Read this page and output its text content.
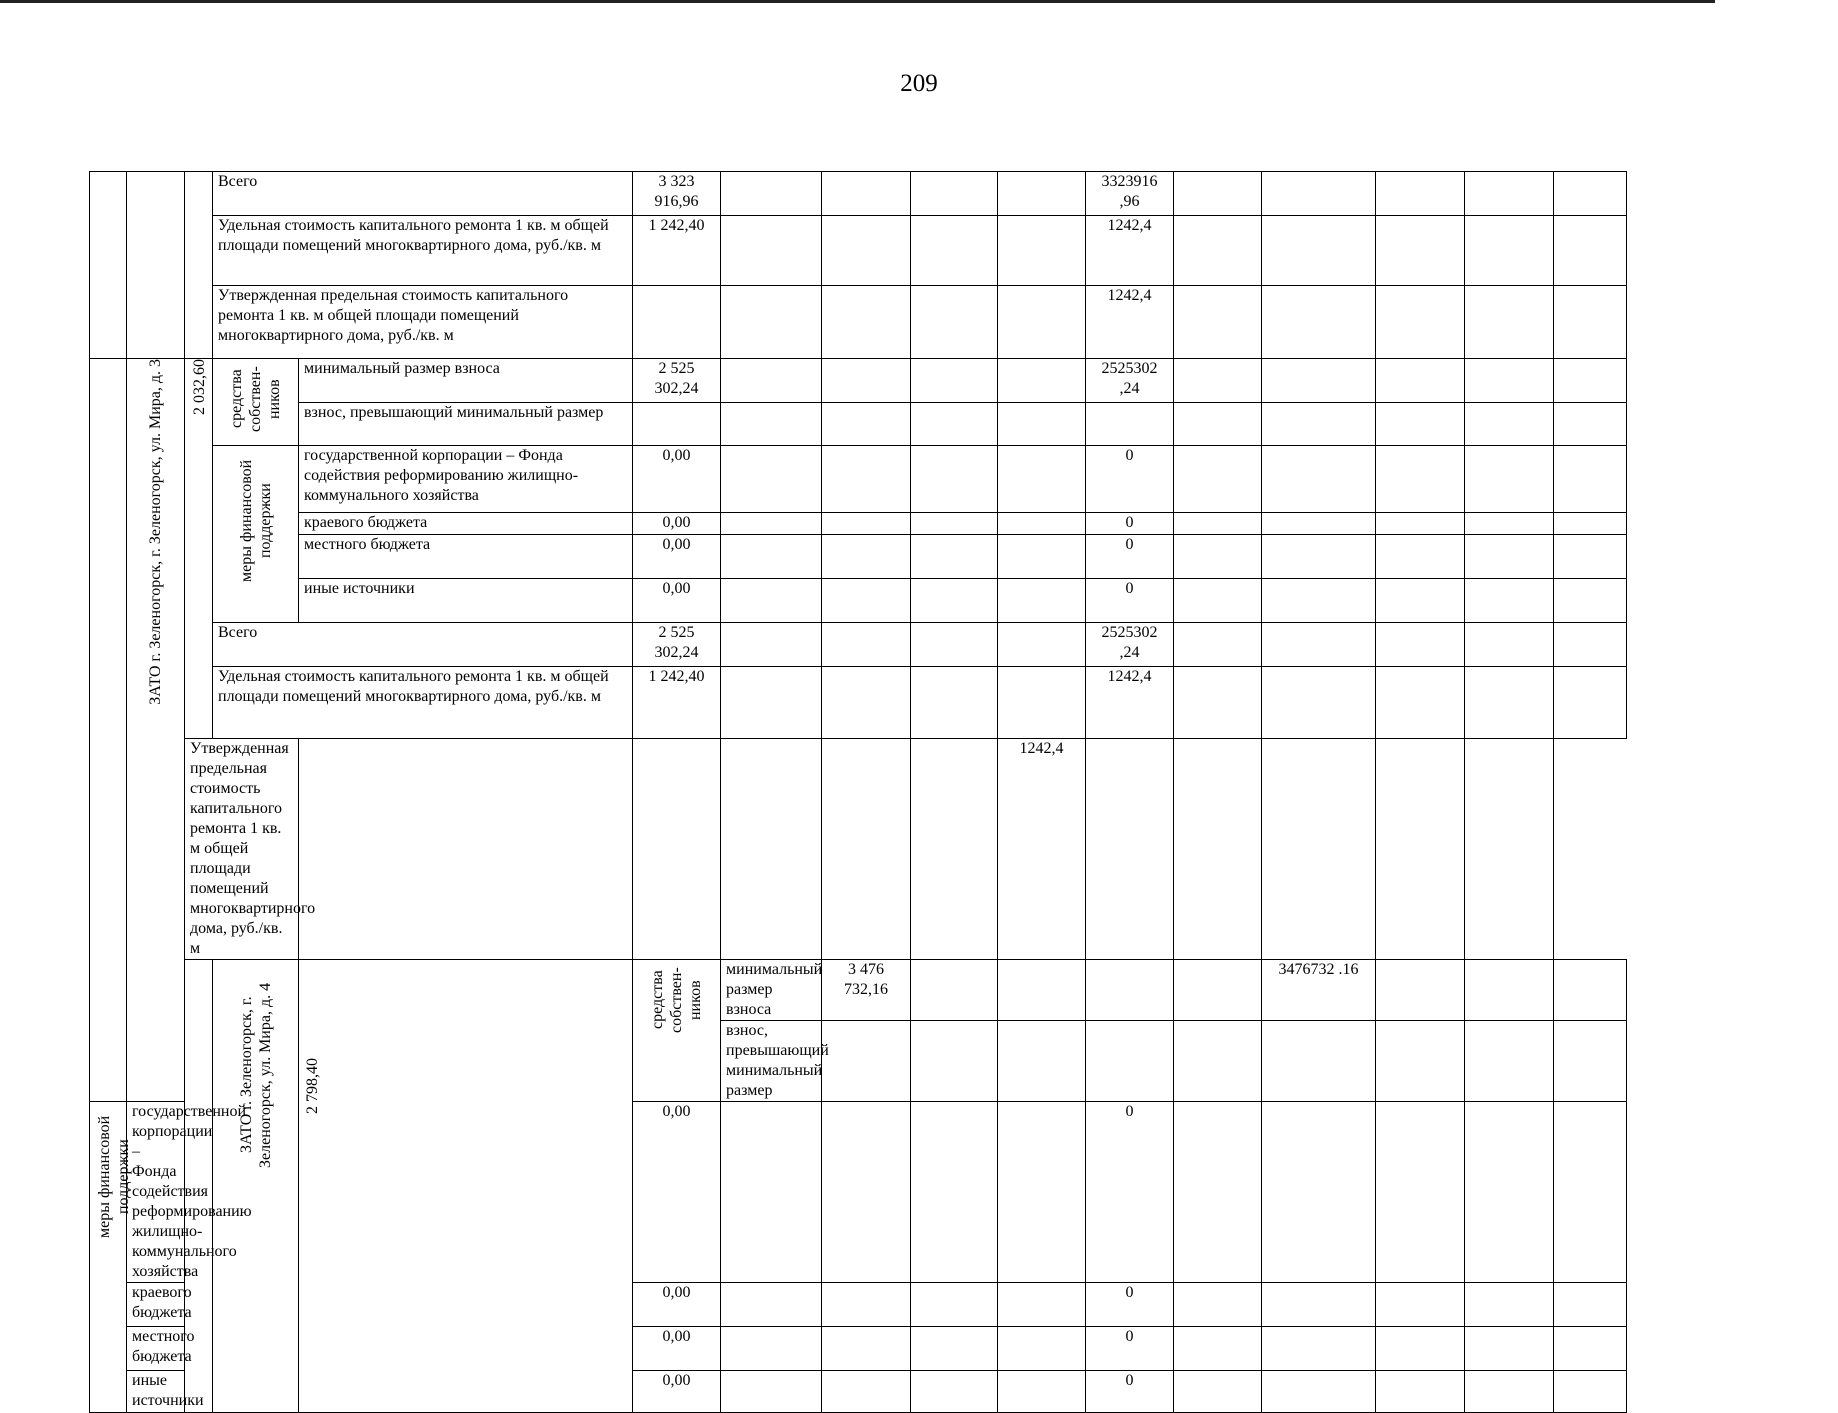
209
			Всего		3 323 916,96					3323916 ,96						
			Удельная стоимость капитального ремонта 1 кв. м общей площади помещений многоквартирного дома, руб./кв. м		1 242,40					1242,4						
			Утвержденная предельная стоимость капитального ремонта 1 кв. м общей площади помещений многоквартирного дома, руб./кв. м							1242,4						
	ЗАТО г. Зеленогорск, г. Зеленогорск, ул. Мира, д. 3	2 032,60	средства собствен-ников	минимальный размер взноса	2 525 302,24					2525302 ,24						
				взнос, превышающий минимальный размер												
			меры финансовой поддержки	государственной корпорации – Фонда содействия реформированию жилищно-коммунального хозяйства	0,00					0						
				краевого бюджета	0,00					0						
				местного бюджета	0,00					0						
				иные источники	0,00					0						
			Всего		2 525 302,24					2525302 ,24						
			Удельная стоимость капитального ремонта 1 кв. м общей площади помещений многоквартирного дома, руб./кв. м		1 242,40					1242,4						
		Утвержденная предельная стоимость капитального ремонта 1 кв. м общей площади помещений многоквартирного дома, руб./кв. м							1242,4							
			ЗАТО г. Зеленогорск, г. Зеленогорск, ул. Мира, д. 4	2 798,40	средства собствен-ников	минимальный размер взноса	3 476 732,16					3476732 .16					
						взнос, превышающий минимальный размер											
меры финансовой поддержки	государственной корпорации – Фонда содействия реформированию жилищно-коммунального хозяйства				0,00					0						
	краевого бюджета				0,00					0						
	местного бюджета				0,00					0						
	иные источники				0,00					0						
